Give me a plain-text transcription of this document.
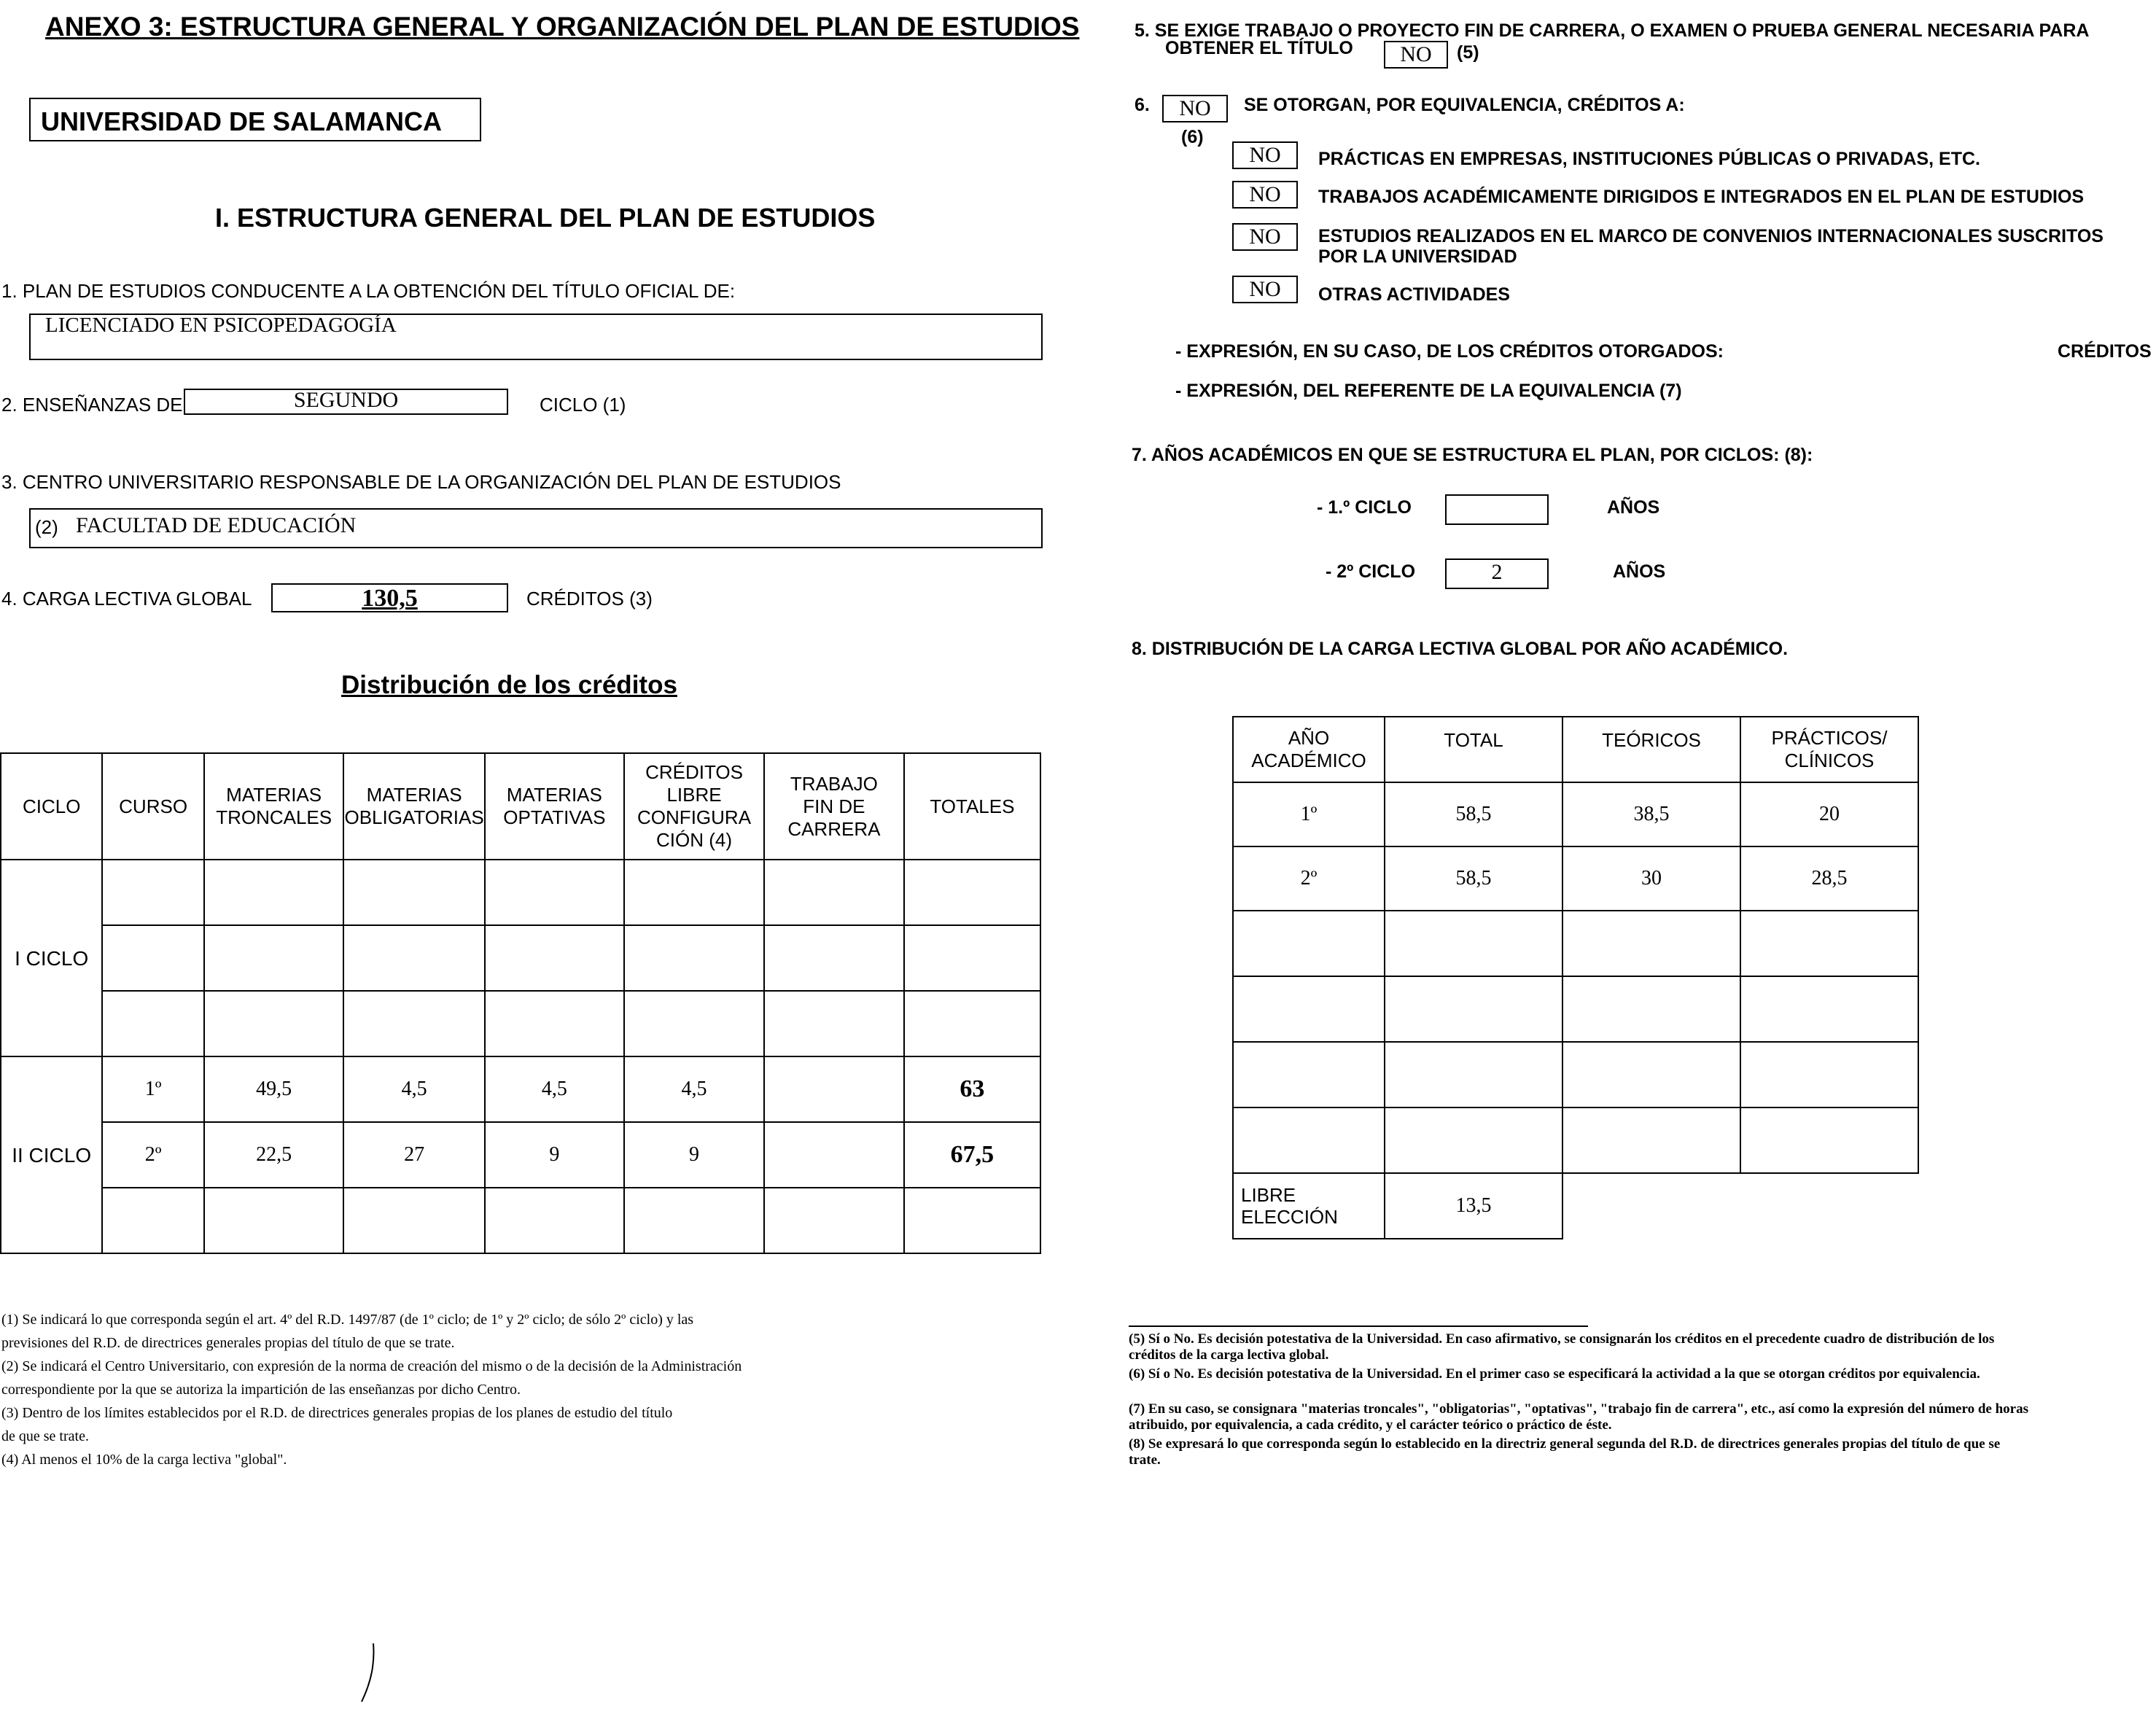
ANEXO 3: ESTRUCTURA GENERAL Y ORGANIZACIÓN DEL PLAN DE ESTUDIOS
UNIVERSIDAD DE SALAMANCA
I. ESTRUCTURA GENERAL DEL PLAN DE ESTUDIOS
1. PLAN DE ESTUDIOS CONDUCENTE A LA OBTENCIÓN DEL TÍTULO OFICIAL DE:
LICENCIADO EN PSICOPEDAGOGÍA
2. ENSEÑANZAS DE	SEGUNDO	CICLO (1)
3. CENTRO UNIVERSITARIO RESPONSABLE DE LA ORGANIZACIÓN DEL PLAN DE ESTUDIOS
(2) FACULTAD DE EDUCACIÓN
4. CARGA LECTIVA GLOBAL	130,5	CRÉDITOS (3)
Distribución de los créditos
CICLO	CURSO	MATERIAS TRONCALES	MATERIAS OBLIGATORIAS	MATERIAS OPTATIVAS	CRÉDITOS LIBRE CONFIGURA CIÓN (4)	TRABAJO FIN DE CARRERA	TOTALES
I CICLO							

II CICLO	1º	49,5	4,5	4,5	4,5		63
	2º	22,5	27	9	9		67,5

(1) Se indicará lo que corresponda según el art. 4º del R.D. 1497/87 (de 1º ciclo; de 1º y 2º ciclo; de sólo 2º ciclo) y las
previsiones del R.D. de directrices generales propias del título de que se trate.
(2) Se indicará el Centro Universitario, con expresión de la norma de creación del mismo o de la decisión de la Administración
correspondiente por la que se autoriza la impartición de las enseñanzas por dicho Centro.
(3) Dentro de los límites establecidos por el R.D. de directrices generales propias de los planes de estudio del título
de que se trate.
(4) Al menos el 10% de la carga lectiva "global".
5. SE EXIGE TRABAJO O PROYECTO FIN DE CARRERA, O EXAMEN O PRUEBA GENERAL NECESARIA PARA
OBTENER EL TÍTULO	NO	(5)
6.	NO	SE OTORGAN, POR EQUIVALENCIA, CRÉDITOS A:
(6)
NO	PRÁCTICAS EN EMPRESAS, INSTITUCIONES PÚBLICAS O PRIVADAS, ETC.
NO	TRABAJOS ACADÉMICAMENTE DIRIGIDOS E INTEGRADOS EN EL PLAN DE ESTUDIOS
NO	ESTUDIOS REALIZADOS EN EL MARCO DE CONVENIOS INTERNACIONALES SUSCRITOS
POR LA UNIVERSIDAD
NO	OTRAS ACTIVIDADES
- EXPRESIÓN, EN SU CASO, DE LOS CRÉDITOS OTORGADOS:	CRÉDITOS
- EXPRESIÓN, DEL REFERENTE DE LA EQUIVALENCIA (7)
7. AÑOS ACADÉMICOS EN QUE SE ESTRUCTURA EL PLAN, POR CICLOS: (8):
- 1.º CICLO	AÑOS
- 2º CICLO	2	AÑOS
8. DISTRIBUCIÓN DE LA CARGA LECTIVA GLOBAL POR AÑO ACADÉMICO.
AÑO ACADÉMICO	TOTAL	TEÓRICOS	PRÁCTICOS/ CLÍNICOS
1º	58,5	38,5	20
2º	58,5	30	28,5

LIBRE ELECCIÓN	13,5		
(5) Sí o No. Es decisión potestativa de la Universidad. En caso afirmativo, se consignarán los créditos en el precedente cuadro de distribución de los créditos de la carga lectiva global.
(6) Sí o No. Es decisión potestativa de la Universidad. En el primer caso se especificará la actividad a la que se otorgan créditos por equivalencia.
(7) En su caso, se consignara "materias troncales", "obligatorias", "optativas", "trabajo fin de carrera", etc., así como la expresión del número de horas atribuido, por equivalencia, a cada crédito, y el carácter teórico o práctico de éste.
(8) Se expresará lo que corresponda según lo establecido en la directriz general segunda del R.D. de directrices generales propias del título de que se trate.
